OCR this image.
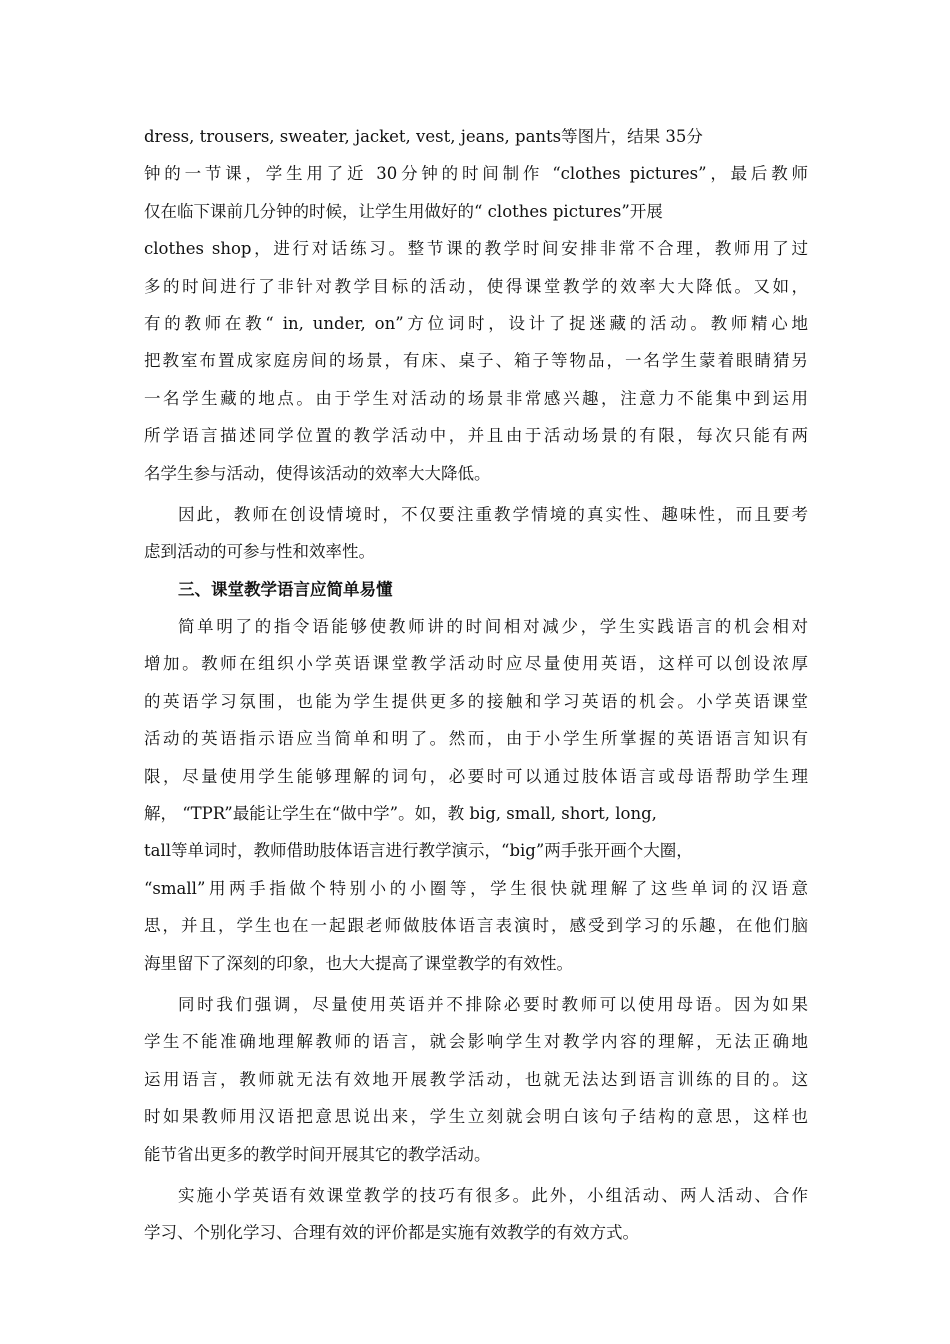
dress, trousers, sweater, jacket, vest, jeans, pants等图片，结果 35分
钟的一节课，学生用了近 30分钟的时间制作 “clothes pictures”，最后教师
仅在临下课前几分钟的时候，让学生用做好的“ clothes pictures”开展
clothes shop，进行对话练习。整节课的教学时间安排非常不合理，教师用了过
多的时间进行了非针对教学目标的活动，使得课堂教学的效率大大降低。又如，
有的教师在教“ in, under, on”方位词时，设计了捉迷藏的活动。教师精心地
把教室布置成家庭房间的场景，有床、桌子、箱子等物品，一名学生蒙着眼睛猜另
一名学生藏的地点。由于学生对活动的场景非常感兴趣，注意力不能集中到运用
所学语言描述同学位置的教学活动中，并且由于活动场景的有限，每次只能有两
名学生参与活动，使得该活动的效率大大降低。
因此，教师在创设情境时，不仅要注重教学情境的真实性、趣味性，而且要考
虑到活动的可参与性和效率性。
三、课堂教学语言应简单易懂
简单明了的指令语能够使教师讲的时间相对减少，学生实践语言的机会相对
增加。教师在组织小学英语课堂教学活动时应尽量使用英语，这样可以创设浓厚
的英语学习氛围，也能为学生提供更多的接触和学习英语的机会。小学英语课堂
活动的英语指示语应当简单和明了。然而，由于小学生所掌握的英语语言知识有
限，尽量使用学生能够理解的词句，必要时可以通过肢体语言或母语帮助学生理
解， “TPR”最能让学生在“做中学”。如，教 big, small, short, long,
tall等单词时，教师借助肢体语言进行教学演示，“big”两手张开画个大圈，
“small”用两手指做个特别小的小圈等，学生很快就理解了这些单词的汉语意
思，并且，学生也在一起跟老师做肢体语言表演时，感受到学习的乐趣，在他们脑
海里留下了深刻的印象，也大大提高了课堂教学的有效性。
同时我们强调，尽量使用英语并不排除必要时教师可以使用母语。因为如果
学生不能准确地理解教师的语言，就会影响学生对教学内容的理解，无法正确地
运用语言，教师就无法有效地开展教学活动，也就无法达到语言训练的目的。这
时如果教师用汉语把意思说出来，学生立刻就会明白该句子结构的意思，这样也
能节省出更多的教学时间开展其它的教学活动。
实施小学英语有效课堂教学的技巧有很多。此外，小组活动、两人活动、合作
学习、个别化学习、合理有效的评价都是实施有效教学的有效方式。
